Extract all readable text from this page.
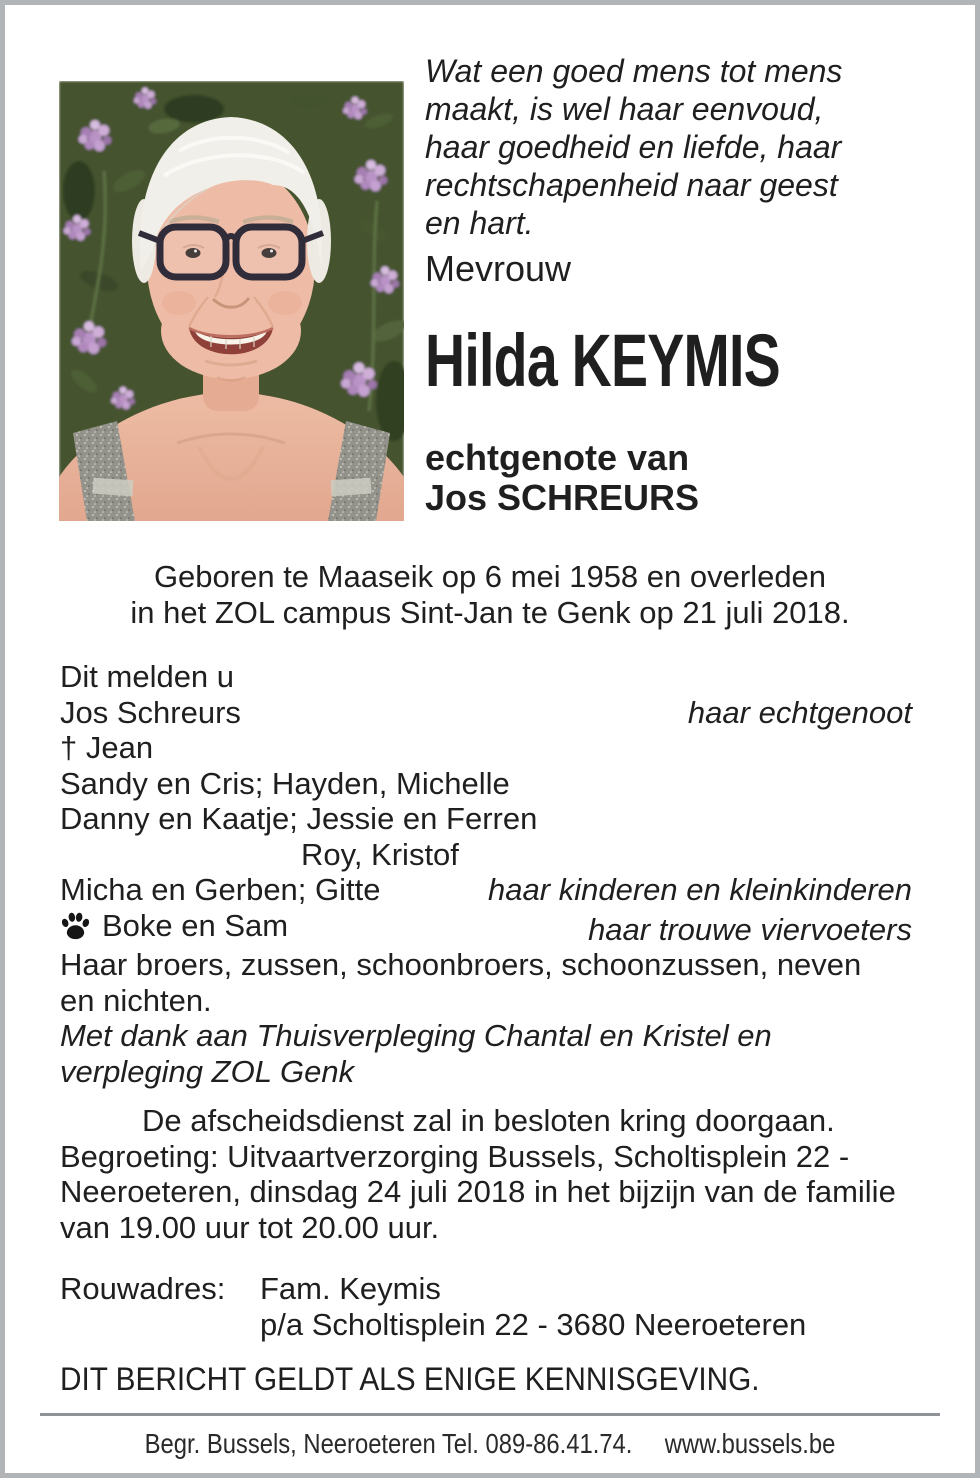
Wat een goed mens tot mens
maakt, is wel haar eenvoud,
haar goedheid en liefde, haar
rechtschapenheid naar geest
en hart.
Mevrouw
Hilda KEYMIS
echtgenote van
Jos SCHREURS
Geboren te Maaseik op 6 mei 1958 en overleden
in het ZOL campus Sint-Jan te Genk op 21 juli 2018.
Dit melden u
Jos Schreurs	haar echtgenoot
† Jean
Sandy en Cris; Hayden, Michelle
Danny en Kaatje; Jessie en Ferren
Roy, Kristof
Micha en Gerben; Gitte	haar kinderen en kleinkinderen
Boke en Sam	haar trouwe viervoeters
Haar broers, zussen, schoonbroers, schoonzussen, neven
en nichten.
Met dank aan Thuisverpleging Chantal en Kristel en
verpleging ZOL Genk
De afscheidsdienst zal in besloten kring doorgaan.
Begroeting: Uitvaartverzorging Bussels, Scholtisplein 22 -
Neeroeteren, dinsdag 24 juli 2018 in het bijzijn van de familie
van 19.00 uur tot 20.00 uur.
Rouwadres:	Fam. Keymis
p/a Scholtisplein 22 - 3680 Neeroeteren
DIT BERICHT GELDT ALS ENIGE KENNISGEVING.
Begr. Bussels, Neeroeteren Tel. 089-86.41.74. www.bussels.be
